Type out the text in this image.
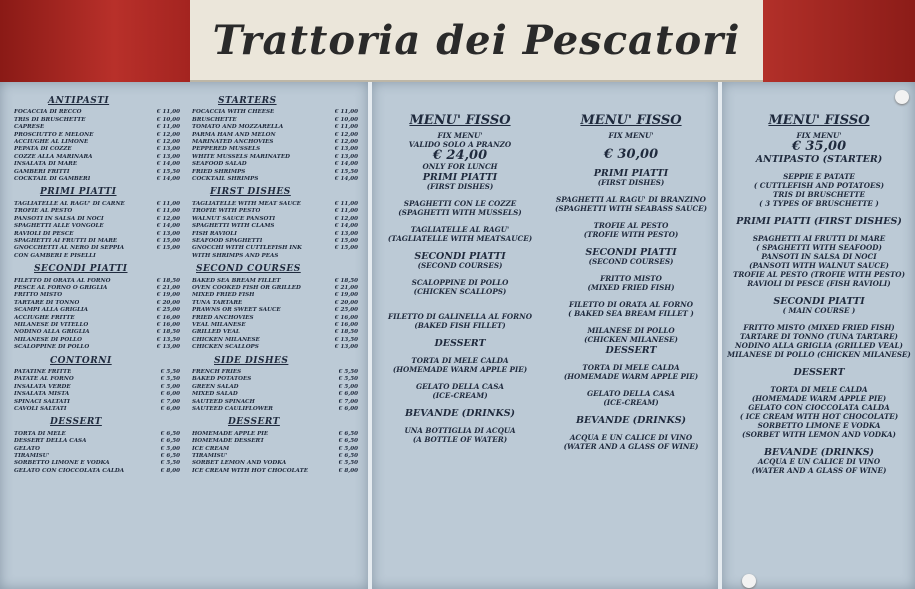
Trattoria dei Pescatori
ANTIPASTI
FOCACCIA DI RECCO	€ 11,00
TRIS DI BRUSCHETTE	€ 10,00
CAPRESE	€ 11,00
PROSCIUTTO E MELONE	€ 12,00
ACCIUGHE AL LIMONE	€ 12,00
PEPATA DI COZZE	€ 13,00
COZZE ALLA MARINARA	€ 13,00
INSALATA DI MARE	€ 14,00
GAMBERI FRITTI	€ 15,50
COCKTAIL DI GAMBERI	€ 14,00
PRIMI PIATTI
TAGLIATELLE AL RAGU' DI CARNE	€ 11,00
TROFIE AL PESTO	€ 11,00
PANSOTI IN SALSA DI NOCI	€ 12,00
SPAGHETTI ALLE VONGOLE	€ 14,00
RAVIOLI DI PESCE	€ 13,00
SPAGHETTI AI FRUTTI DI MARE	€ 15,00
GNOCCHETTI AL NERO DI SEPPIA	€ 15,00
CON GAMBERI E PISELLI
SECONDI PIATTI
FILETTO DI ORATA AL FORNO	€ 18,50
PESCE AL FORNO O GRIGLIA	€ 21,00
FRITTO MISTO	€ 19,00
TARTARE DI TONNO	€ 20,00
SCAMPI ALLA GRIGLIA	€ 25,00
ACCIUGHE FRITTE	€ 16,00
MILANESE DI VITELLO	€ 16,00
NODINO ALLA GRIGLIA	€ 18,50
MILANESE DI POLLO	€ 13,50
SCALOPPINE DI POLLO	€ 13,00
CONTORNI
PATATINE FRITTE	€ 5,50
PATATE AL FORNO	€ 5,50
INSALATA VERDE	€ 5,00
INSALATA MISTA	€ 6,00
SPINACI SALTATI	€ 7,00
CAVOLI SALTATI	€ 6,00
DESSERT
TORTA DI MELE	€ 6,50
DESSERT DELLA CASA	€ 6,50
GELATO	€ 5,00
TIRAMISU'	€ 6,50
SORBETTO LIMONE E VODKA	€ 5,50
GELATO CON CIOCCOLATA CALDA	€ 8,00
STARTERS
FOCACCIA WITH CHEESE	€ 11,00
BRUSCHETTE	€ 10,00
TOMATO AND MOZZARELLA	€ 11,00
PARMA HAM AND MELON	€ 12,00
MARINATED ANCHOVIES	€ 12,00
PEPPERED MUSSELS	€ 13,00
WHITE MUSSELS MARINATED	€ 13,00
SEAFOOD SALAD	€ 14,00
FRIED SHRIMPS	€ 15,50
COCKTAIL SHRIMPS	€ 14,00
FIRST DISHES
TAGLIATELLE WITH MEAT SAUCE	€ 11,00
TROFIE WITH PESTO	€ 11,00
WALNUT SAUCE PANSOTI	€ 12,00
SPAGHETTI WITH CLAMS	€ 14,00
FISH RAVIOLI	€ 13,00
SEAFOOD SPAGHETTI	€ 15,00
GNOCCHI WITH CUTTLEFISH INK	€ 15,00
WITH SHRIMPS AND PEAS
SECOND COURSES
BAKED SEA BREAM FILLET	€ 18,50
OVEN COOKED FISH OR GRILLED	€ 21,00
MIXED FRIED FISH	€ 19,00
TUNA TARTARE	€ 20,00
PRAWNS OR SWEET SAUCE	€ 25,00
FRIED ANCHOVIES	€ 16,00
VEAL MILANESE	€ 16,00
GRILLED VEAL	€ 18,50
CHICKEN MILANESE	€ 13,50
CHICKEN SCALLOPS	€ 13,00
SIDE DISHES
FRENCH FRIES	€ 5,50
BAKED POTATOES	€ 5,50
GREEN SALAD	€ 5,00
MIXED SALAD	€ 6,00
SAUTEED SPINACH	€ 7,00
SAUTEED CAULIFLOWER	€ 6,00
DESSERT
HOMEMADE APPLE PIE	€ 6,50
HOMEMADE DESSERT	€ 6,50
ICE CREAM	€ 5,00
TIRAMISU'	€ 6,50
SORBET LEMON AND VODKA	€ 5,50
ICE CREAM WITH HOT CHOCOLATE	€ 8,00
MENU' FISSO
FIX MENU'
VALIDO SOLO A PRANZO
€ 24,00
ONLY FOR LUNCH
PRIMI PIATTI
(FIRST DISHES)
SPAGHETTI CON LE COZZE
(SPAGHETTI WITH MUSSELS)
TAGLIATELLE AL RAGU'
(TAGLIATELLE WITH MEATSAUCE)
SECONDI PIATTI
(SECOND COURSES)
SCALOPPINE DI POLLO
(CHICKEN SCALLOPS)
FILETTO DI GALINELLA AL FORNO
(BAKED FISH FILLET)
DESSERT
TORTA DI MELE CALDA
(HOMEMADE WARM APPLE PIE)
GELATO DELLA CASA
(ICE-CREAM)
BEVANDE (DRINKS)
UNA BOTTIGLIA DI ACQUA
(A BOTTLE OF WATER)
MENU' FISSO
FIX MENU'
€ 30,00
PRIMI PIATTI
(FIRST DISHES)
SPAGHETTI AL RAGU' DI BRANZINO
(SPAGHETTI WITH SEABASS SAUCE)
TROFIE AL PESTO
(TROFIE WITH PESTO)
SECONDI PIATTI
(SECOND COURSES)
FRITTO MISTO
(MIXED FRIED FISH)
FILETTO DI ORATA AL FORNO
( BAKED SEA BREAM FILLET )
MILANESE DI POLLO
(CHICKEN MILANESE)
DESSERT
TORTA DI MELE CALDA
(HOMEMADE WARM APPLE PIE)
GELATO DELLA CASA
(ICE-CREAM)
BEVANDE (DRINKS)
ACQUA E UN CALICE DI VINO
(WATER AND A GLASS OF WINE)
MENU' FISSO
FIX MENU'
€ 35,00
ANTIPASTO (STARTER)
SEPPIE E PATATE
( CUTTLEFISH AND POTATOES)
TRIS DI BRUSCHETTE
( 3 TYPES OF BRUSCHETTE )
PRIMI PIATTI (FIRST DISHES)
SPAGHETTI AI FRUTTI DI MARE
( SPAGHETTI WITH SEAFOOD)
PANSOTI IN SALSA DI NOCI
(PANSOTI WITH WALNUT SAUCE)
TROFIE AL PESTO (TROFIE WITH PESTO)
RAVIOLI DI PESCE (FISH RAVIOLI)
SECONDI PIATTI
( MAIN COURSE )
FRITTO MISTO (MIXED FRIED FISH)
TARTARE DI TONNO (TUNA TARTARE)
NODINO ALLA GRIGLIA (GRILLED VEAL)
MILANESE DI POLLO (CHICKEN MILANESE)
DESSERT
TORTA DI MELE CALDA
(HOMEMADE WARM APPLE PIE)
GELATO CON CIOCCOLATA CALDA
( ICE CREAM WITH HOT CHOCOLATE)
SORBETTO LIMONE E VODKA
(SORBET WITH LEMON AND VODKA)
BEVANDE (DRINKS)
ACQUA E UN CALICE DI VINO
(WATER AND A GLASS OF WINE)
